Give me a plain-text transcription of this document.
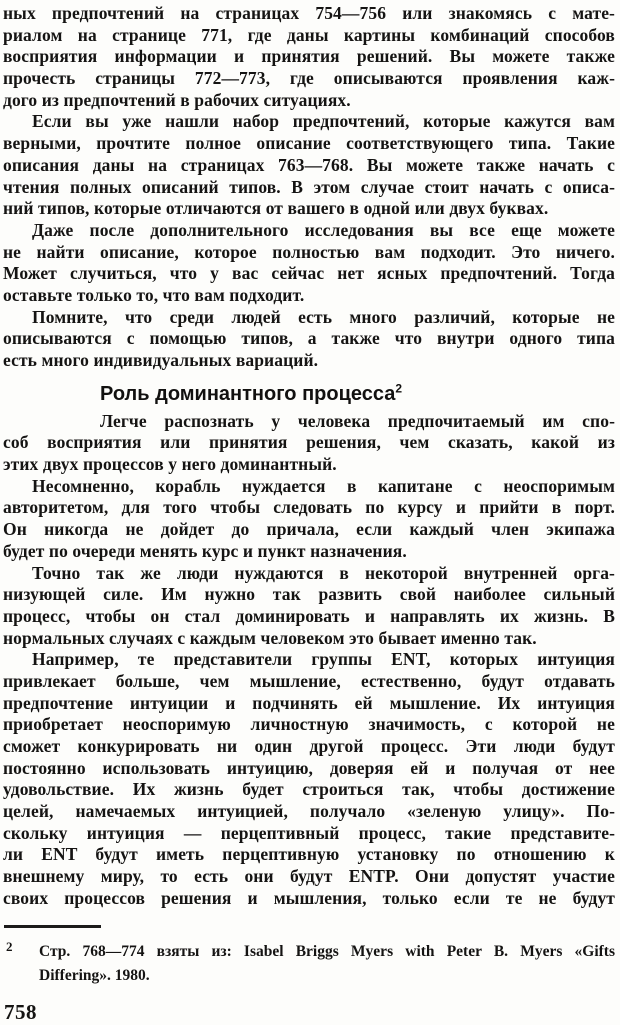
ных предпочтений на страницах 754—756 или знакомясь с мате-
риалом на странице 771, где даны картины комбинаций способов
восприятия информации и принятия решений. Вы можете также
прочесть страницы 772—773, где описываются проявления каж-
дого из предпочтений в рабочих ситуациях.
Если вы уже нашли набор предпочтений, которые кажутся вам
верными, прочтите полное описание соответствующего типа. Такие
описания даны на страницах 763—768. Вы можете также начать с
чтения полных описаний типов. В этом случае стоит начать с описа-
ний типов, которые отличаются от вашего в одной или двух буквах.
Даже после дополнительного исследования вы все еще можете
не найти описание, которое полностью вам подходит. Это ничего.
Может случиться, что у вас сейчас нет ясных предпочтений. Тогда
оставьте только то, что вам подходит.
Помните, что среди людей есть много различий, которые не
описываются с помощью типов, а также что внутри одного типа
есть много индивидуальных вариаций.
Роль доминантного процесса$^2$
Легче распознать у человека предпочитаемый им спо-
соб восприятия или принятия решения, чем сказать, какой из
этих двух процессов у него доминантный.
Несомненно, корабль нуждается в капитане с неоспоримым
авторитетом, для того чтобы следовать по курсу и прийти в порт.
Он никогда не дойдет до причала, если каждый член экипажа
будет по очереди менять курс и пункт назначения.
Точно так же люди нуждаются в некоторой внутренней орга-
низующей силе. Им нужно так развить свой наиболее сильный
процесс, чтобы он стал доминировать и направлять их жизнь. В
нормальных случаях с каждым человеком это бывает именно так.
Например, те представители группы ENT, которых интуиция
привлекает больше, чем мышление, естественно, будут отдавать
предпочтение интуиции и подчинять ей мышление. Их интуиция
приобретает неоспоримую личностную значимость, с которой не
сможет конкурировать ни один другой процесс. Эти люди будут
постоянно использовать интуицию, доверяя ей и получая от нее
удовольствие. Их жизнь будет строиться так, чтобы достижение
целей, намечаемых интуицией, получало «зеленую улицу». По-
скольку интуиция — перцептивный процесс, такие представите-
ли ENT будут иметь перцептивную установку по отношению к
внешнему миру, то есть они будут ENTP. Они допустят участие
своих процессов решения и мышления, только если те не будут
2	Стр. 768—774 взяты из: Isabel Briggs Myers with Peter B. Myers «Gifts
Differing». 1980.
758
